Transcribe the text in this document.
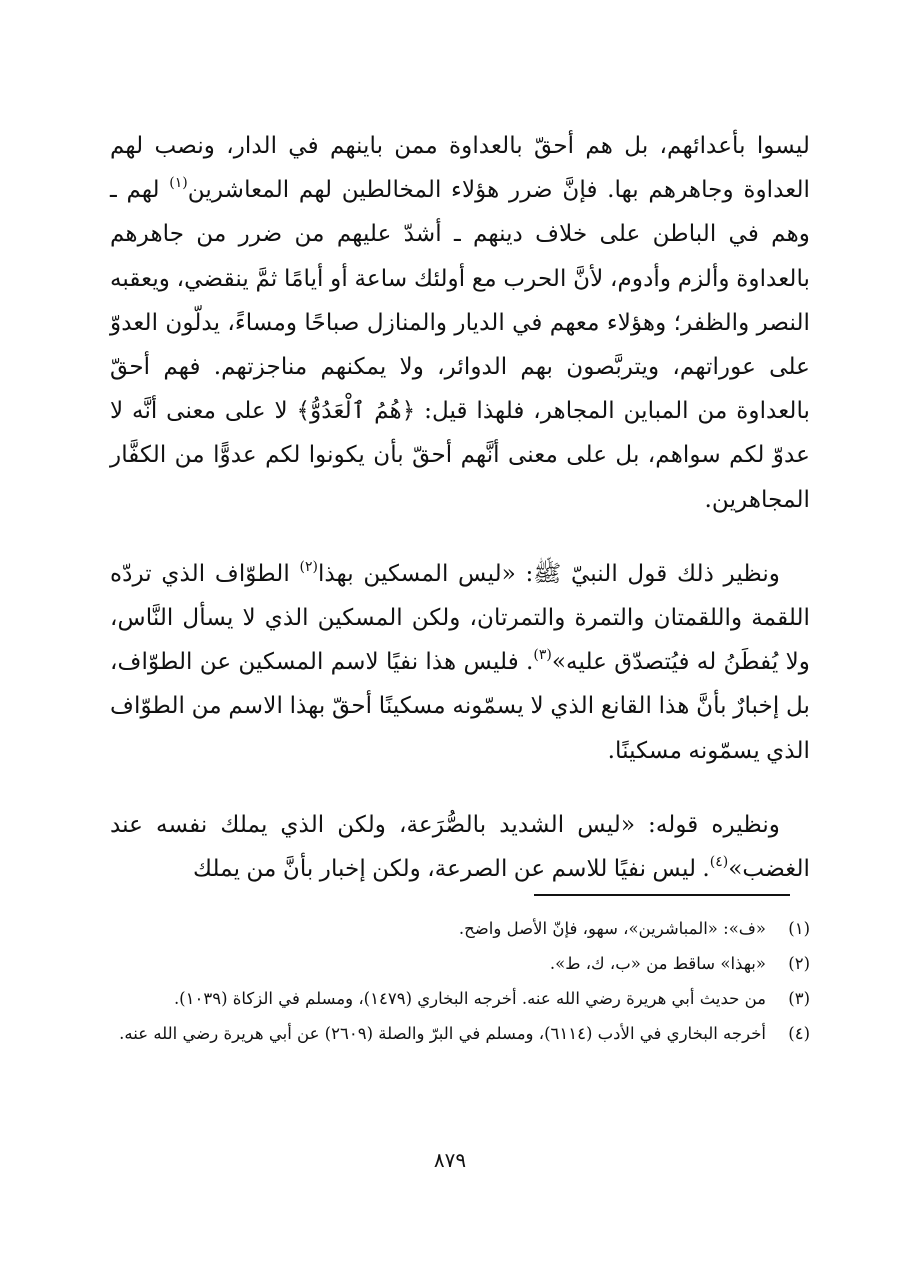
ليسوا بأعدائهم، بل هم أحقّ بالعداوة ممن باينهم في الدار، ونصب لهم العداوة وجاهرهم بها. فإنَّ ضرر هؤلاء المخالطين لهم المعاشرين$^{(١)}$ لهم ـ وهم في الباطن على خلاف دينهم ـ أشدّ عليهم من ضرر من جاهرهم بالعداوة وألزم وأدوم، لأنَّ الحرب مع أولئك ساعة أو أيامًا ثمَّ ينقضي، ويعقبه النصر والظفر؛ وهؤلاء معهم في الديار والمنازل صباحًا ومساءً، يدلّون العدوّ على عوراتهم، ويتربَّصون بهم الدوائر، ولا يمكنهم مناجزتهم. فهم أحقّ بالعداوة من المباين المجاهر، فلهذا قيل: ﴿هُمُ ٱلْعَدُوُّ﴾ لا على معنى أنَّه لا عدوّ لكم سواهم، بل على معنى أنَّهم أحقّ بأن يكونوا لكم عدوًّا من الكفَّار المجاهرين.

ونظير ذلك قول النبيّ ﷺ: «ليس المسكين بهذا$^{(٢)}$ الطوّاف الذي تردّه اللقمة واللقمتان والتمرة والتمرتان، ولكن المسكين الذي لا يسأل النَّاس، ولا يُفطَنُ له فيُتصدّق عليه»$^{(٣)}$. فليس هذا نفيًا لاسم المسكين عن الطوّاف، بل إخبارٌ بأنَّ هذا القانع الذي لا يسمّونه مسكينًا أحقّ بهذا الاسم من الطوّاف الذي يسمّونه مسكينًا.

ونظيره قوله: «ليس الشديد بالصُّرَعة، ولكن الذي يملك نفسه عند الغضب»$^{(٤)}$. ليس نفيًا للاسم عن الصرعة، ولكن إخبار بأنَّ من يملك

(١)
«ف»: «المباشرين»، سهو، فإنّ الأصل واضح.
(٢)
«بهذا» ساقط من «ب، ك، ط».
(٣)
من حديث أبي هريرة رضي الله عنه. أخرجه البخاري (١٤٧٩)، ومسلم في الزكاة (١٠٣٩).
(٤)
أخرجه البخاري في الأدب (٦١١٤)، ومسلم في البرّ والصلة (٢٦٠٩) عن أبي هريرة رضي الله عنه.
٨٧٩
